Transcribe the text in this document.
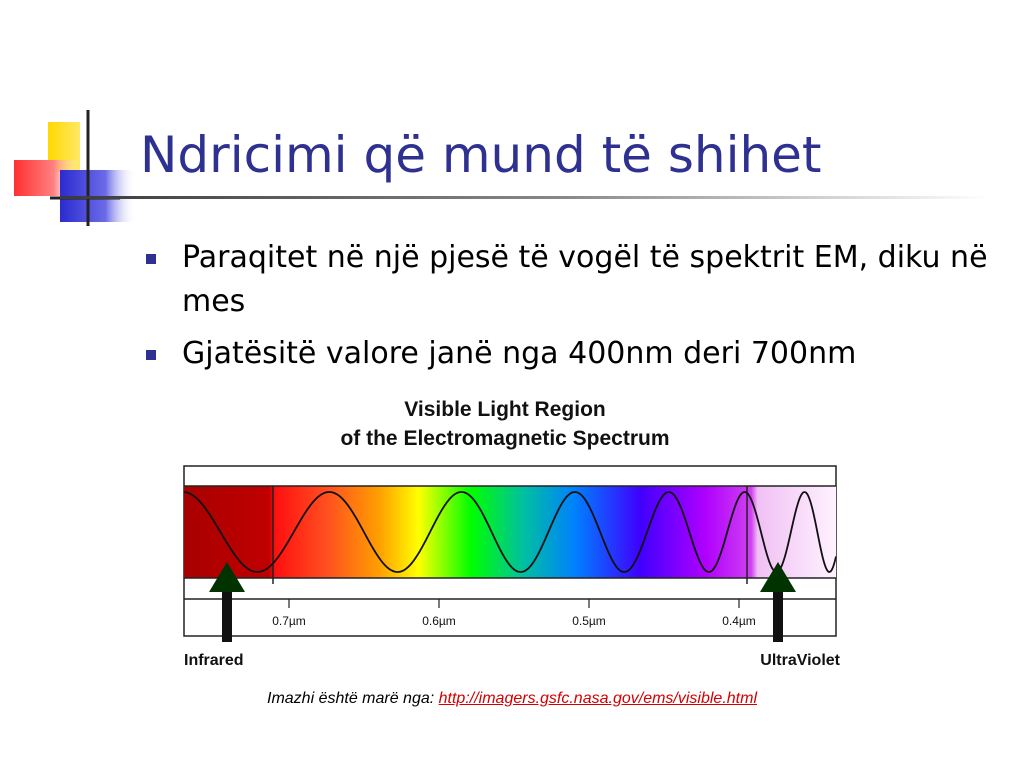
Ndricimi që mund të shihet
Paraqitet në një pjesë të vogël të spektrit EM, diku në mes
Gjatësitë valore janë nga 400nm deri 700nm
Visible Light Region
of the Electromagnetic Spectrum
0.7µm	0.6µm	0.5µm	0.4µm
Infrared	UltraViolet
Imazhi është marë nga: http://imagers.gsfc.nasa.gov/ems/visible.html
